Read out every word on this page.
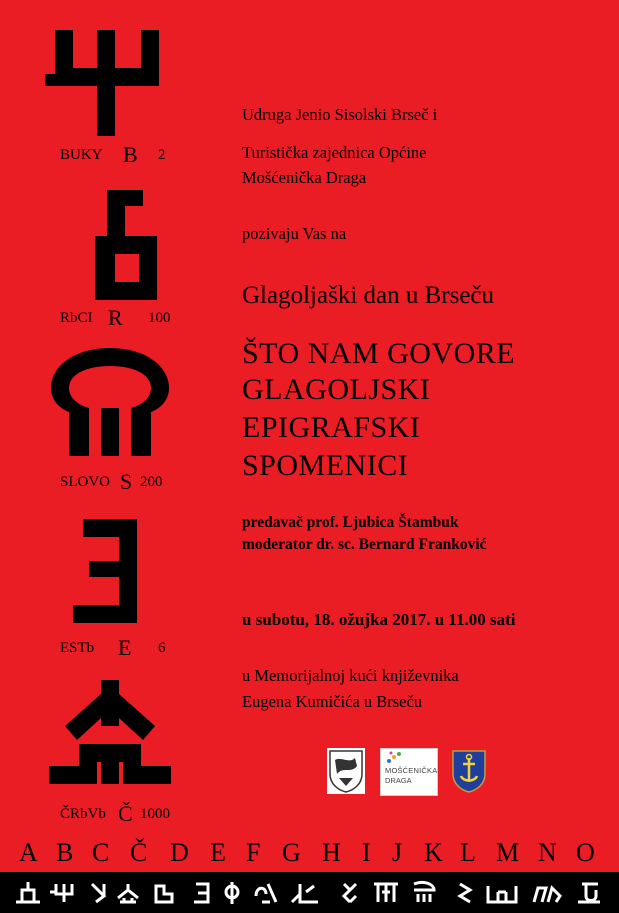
BUKY B 2
RbCI R 100
SLOVO S 200
ESTb E 6
ČRbVb Č 1000
Udruga Jenio Sisolski Brseč i
Turistička zajednica Općine
Mošćenička Draga
pozivaju Vas na
Glagoljaški dan u Brseču
ŠTO NAM GOVORE
GLAGOLJSKI
EPIGRAFSKI
SPOMENICI
predavač prof. Ljubica Štambuk
moderator dr. sc. Bernard Franković
u subotu, 18. ožujka 2017. u 11.00 sati
u Memorijalnoj kući književnika
Eugena Kumičića u Brseču
MOŠĆENIČKA
DRAGA
A B C Č D E F G H I J K L M N O
